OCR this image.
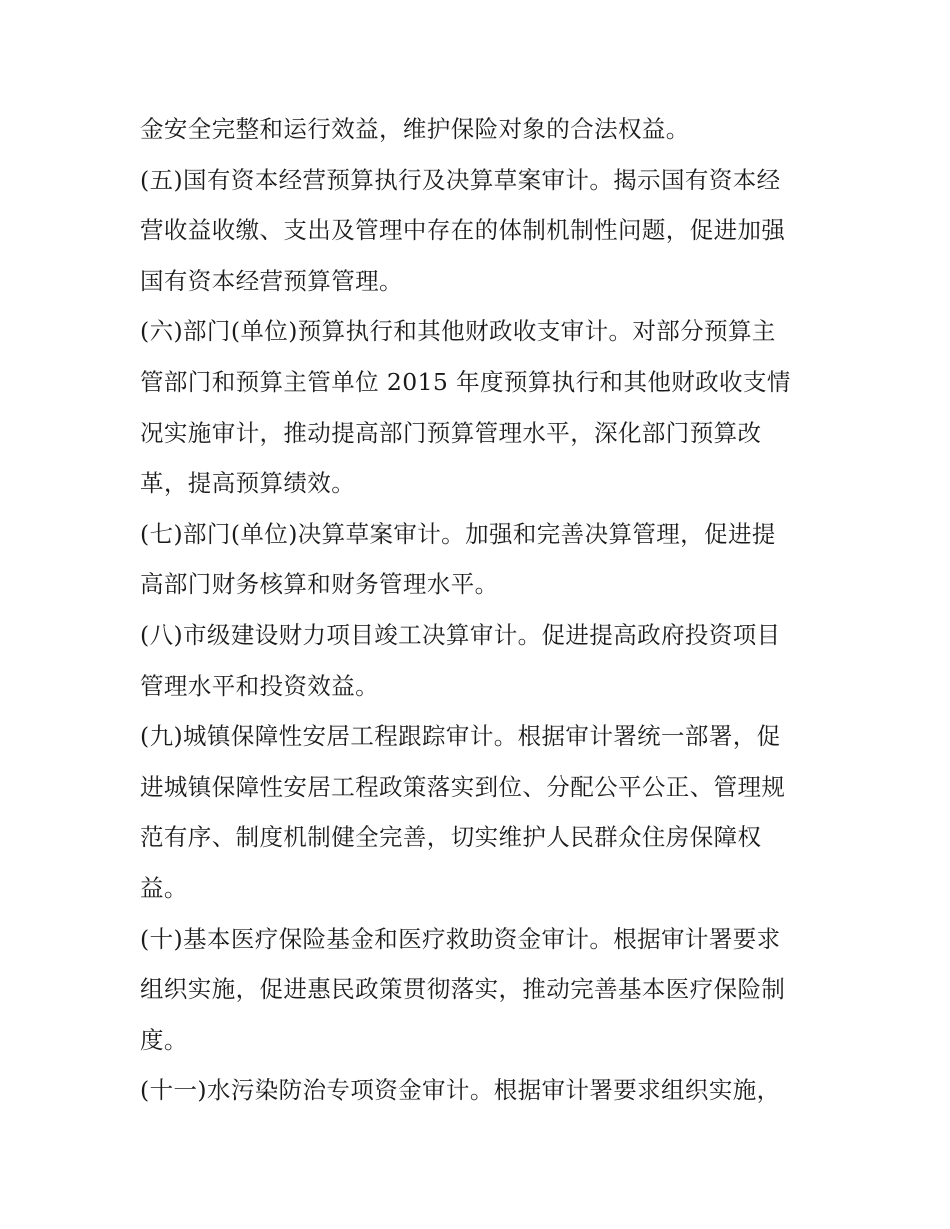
金安全完整和运行效益，维护保险对象的合法权益。
(五)国有资本经营预算执行及决算草案审计。揭示国有资本经
营收益收缴、支出及管理中存在的体制机制性问题，促进加强
国有资本经营预算管理。
(六)部门(单位)预算执行和其他财政收支审计。对部分预算主
管部门和预算主管单位 2015 年度预算执行和其他财政收支情
况实施审计，推动提高部门预算管理水平，深化部门预算改
革，提高预算绩效。
(七)部门(单位)决算草案审计。加强和完善决算管理，促进提
高部门财务核算和财务管理水平。
(八)市级建设财力项目竣工决算审计。促进提高政府投资项目
管理水平和投资效益。
(九)城镇保障性安居工程跟踪审计。根据审计署统一部署，促
进城镇保障性安居工程政策落实到位、分配公平公正、管理规
范有序、制度机制健全完善，切实维护人民群众住房保障权
益。
(十)基本医疗保险基金和医疗救助资金审计。根据审计署要求
组织实施，促进惠民政策贯彻落实，推动完善基本医疗保险制
度。
(十一)水污染防治专项资金审计。根据审计署要求组织实施，
